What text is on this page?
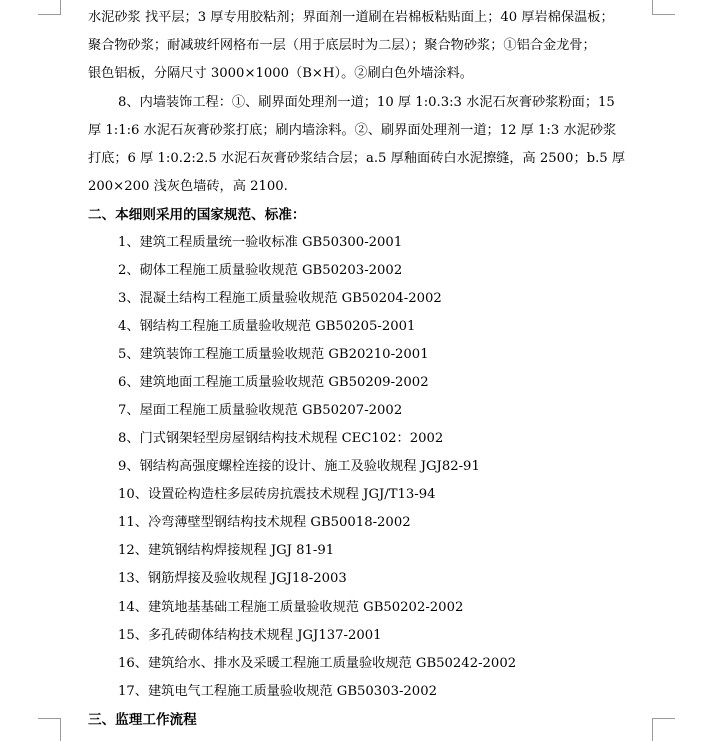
水泥砂浆 找平层；3 厚专用胶粘剂；界面剂一道刷在岩棉板粘贴面上；40 厚岩棉保温板；
聚合物砂浆；耐减玻纤网格布一层（用于底层时为二层）；聚合物砂浆；①铝合金龙骨；
银色铝板，分隔尺寸 3000×1000（B×H）。②刷白色外墙涂料。
8、内墙装饰工程：①、刷界面处理剂一道；10 厚 1:0.3:3 水泥石灰膏砂浆粉面；15
厚 1:1:6 水泥石灰膏砂浆打底；刷内墙涂料。②、刷界面处理剂一道；12 厚 1:3 水泥砂浆
打底；6 厚 1:0.2:2.5 水泥石灰膏砂浆结合层；a.5 厚釉面砖白水泥擦缝，高 2500；b.5 厚
200×200 浅灰色墙砖，高 2100.
二、本细则采用的国家规范、标准：
1、建筑工程质量统一验收标准 GB50300-2001
2、砌体工程施工质量验收规范 GB50203-2002
3、混凝土结构工程施工质量验收规范 GB50204-2002
4、钢结构工程施工质量验收规范 GB50205-2001
5、建筑装饰工程施工质量验收规范 GB20210-2001
6、建筑地面工程施工质量验收规范 GB50209-2002
7、屋面工程施工质量验收规范 GB50207-2002
8、门式钢架轻型房屋钢结构技术规程 CEC102：2002
9、钢结构高强度螺栓连接的设计、施工及验收规程 JGJ82-91
10、设置砼构造柱多层砖房抗震技术规程 JGJ/T13-94
11、冷弯薄壁型钢结构技术规程 GB50018-2002
12、建筑钢结构焊接规程 JGJ 81-91
13、钢筋焊接及验收规程 JGJ18-2003
14、建筑地基基础工程施工质量验收规范 GB50202-2002
15、多孔砖砌体结构技术规程 JGJ137-2001
16、建筑给水、排水及采暖工程施工质量验收规范 GB50242-2002
17、建筑电气工程施工质量验收规范 GB50303-2002
三、监理工作流程
